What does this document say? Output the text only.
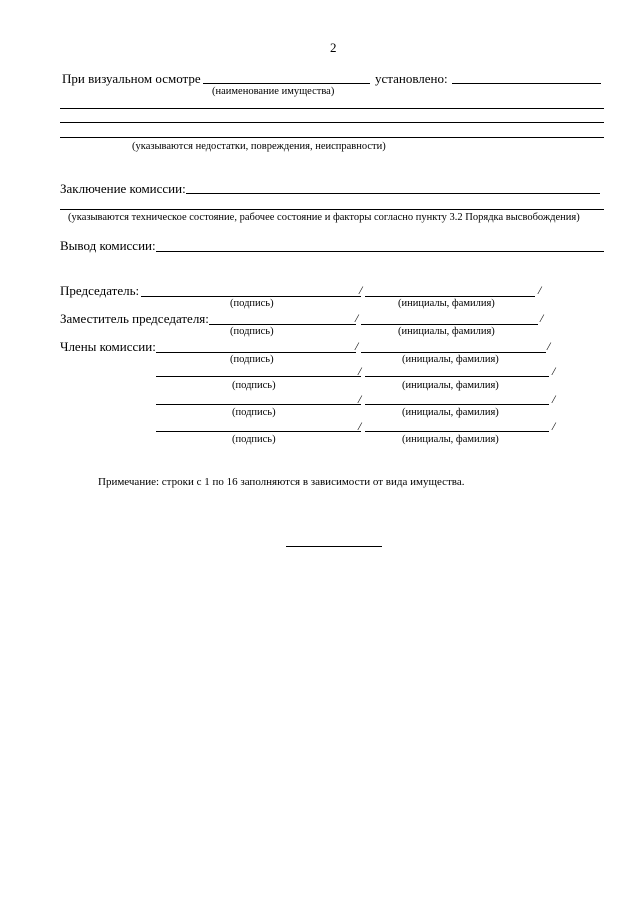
2
При визуальном осмотре	установлено:
(наименование имущества)
(указываются недостатки, повреждения, неисправности)
Заключение комиссии:
(указываются техническое состояние, рабочее состояние и факторы согласно пункту 3.2 Порядка высвобождения)
Вывод комиссии:
Председатель:	/	/
(подпись)	(инициалы, фамилия)
Заместитель председателя:	/	/
(подпись)	(инициалы, фамилия)
Члены комиссии:	/	/
(подпись)	(инициалы, фамилия)
/	/
(подпись)	(инициалы, фамилия)
/	/
(подпись)	(инициалы, фамилия)
/	/
(подпись)	(инициалы, фамилия)
Примечание: строки с 1 по 16 заполняются в зависимости от вида имущества.
